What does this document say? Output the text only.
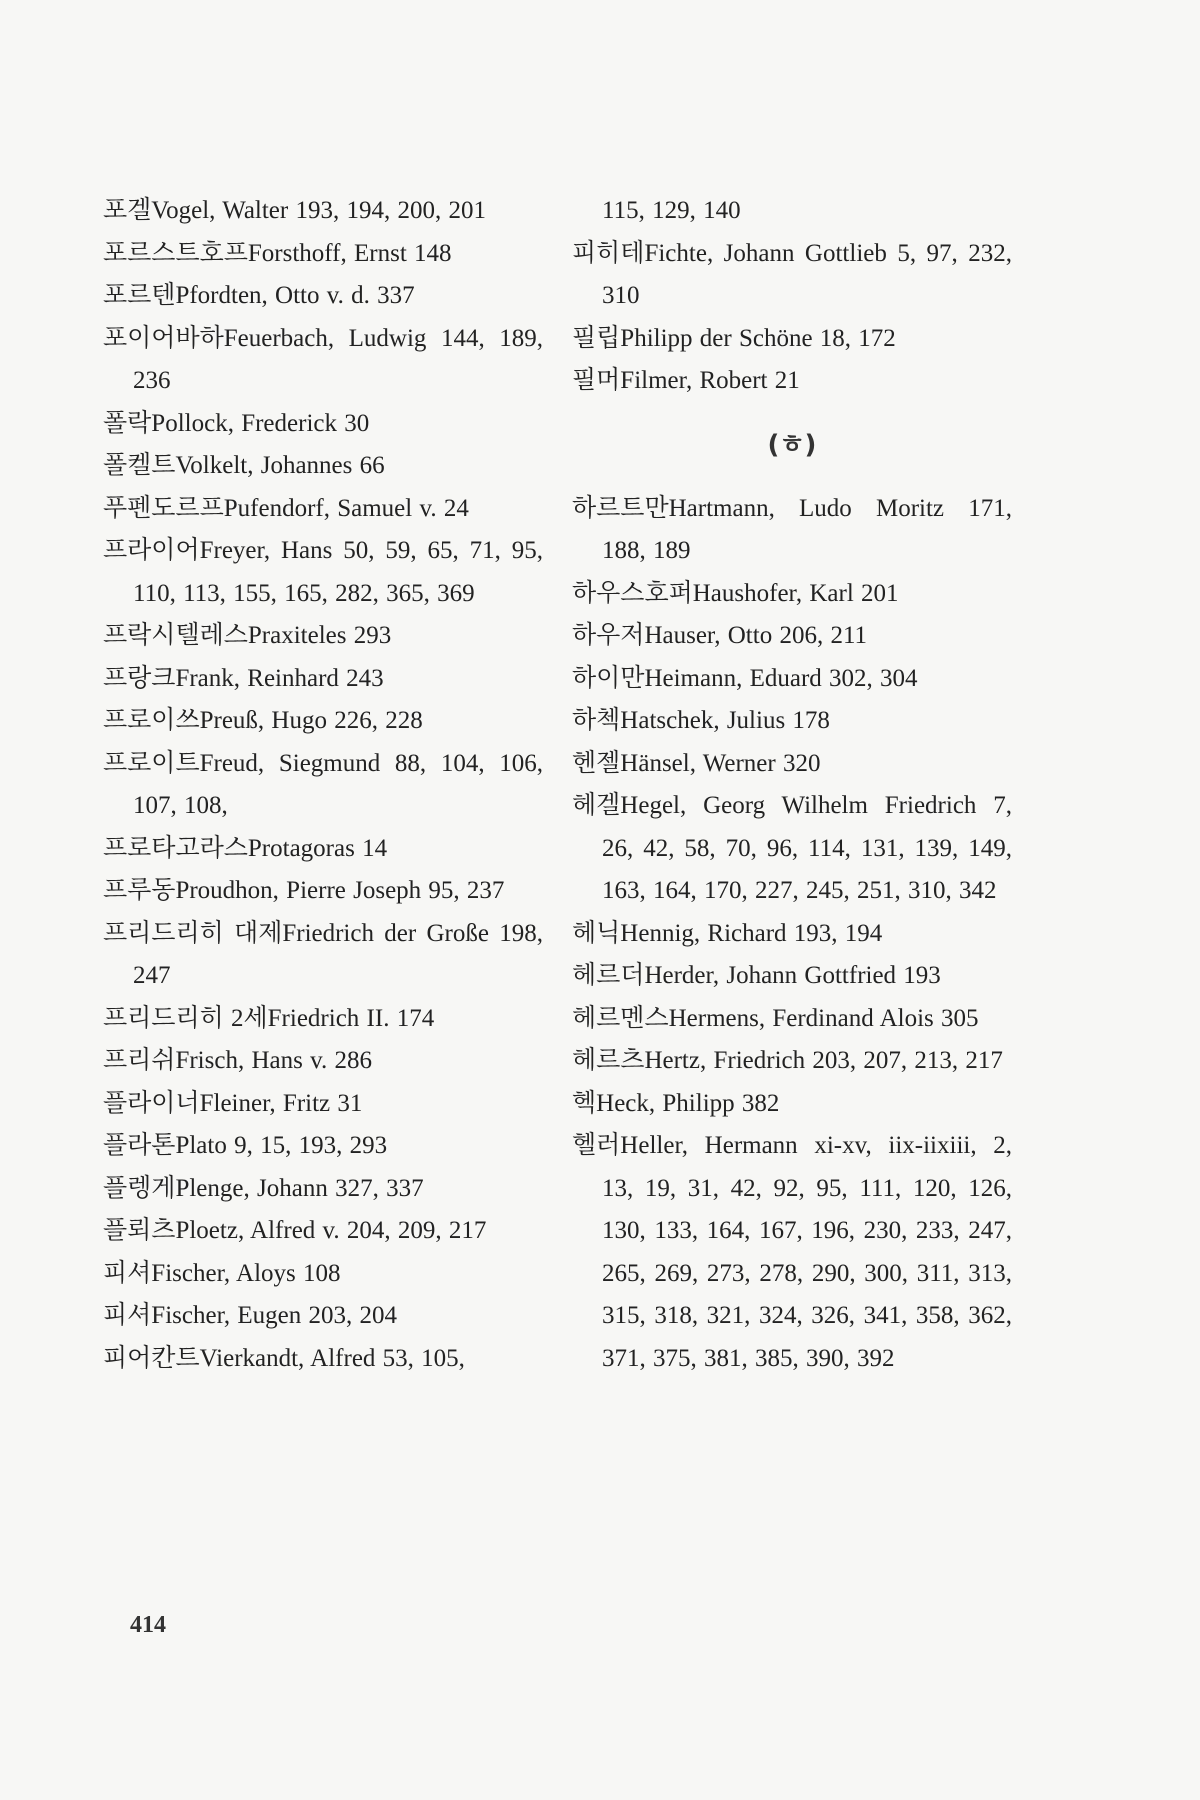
포겔Vogel, Walter 193, 194, 200, 201
포르스트호프Forsthoff, Ernst 148
포르텐Pfordten, Otto v. d. 337
포이어바하Feuerbach, Ludwig 144, 189, 236
폴락Pollock, Frederick 30
폴켈트Volkelt, Johannes 66
푸펜도르프Pufendorf, Samuel v. 24
프라이어Freyer, Hans 50, 59, 65, 71, 95, 110, 113, 155, 165, 282, 365, 369
프락시텔레스Praxiteles 293
프랑크Frank, Reinhard 243
프로이쓰Preuß, Hugo 226, 228
프로이트Freud, Siegmund 88, 104, 106, 107, 108,
프로타고라스Protagoras 14
프루동Proudhon, Pierre Joseph 95, 237
프리드리히 대제Friedrich der Große 198, 247
프리드리히 2세Friedrich II. 174
프리쉬Frisch, Hans v. 286
플라이너Fleiner, Fritz 31
플라톤Plato 9, 15, 193, 293
플렝게Plenge, Johann 327, 337
플뢰츠Ploetz, Alfred v. 204, 209, 217
피셔Fischer, Aloys 108
피셔Fischer, Eugen 203, 204
피어칸트Vierkandt, Alfred 53, 105,
115, 129, 140
피히테Fichte, Johann Gottlieb 5, 97, 232, 310
필립Philipp der Schöne 18, 172
필머Filmer, Robert 21
(ㅎ)
하르트만Hartmann, Ludo Moritz 171, 188, 189
하우스호퍼Haushofer, Karl 201
하우저Hauser, Otto 206, 211
하이만Heimann, Eduard 302, 304
하첵Hatschek, Julius 178
헨젤Hänsel, Werner 320
헤겔Hegel, Georg Wilhelm Friedrich 7, 26, 42, 58, 70, 96, 114, 131, 139, 149, 163, 164, 170, 227, 245, 251, 310, 342
헤닉Hennig, Richard 193, 194
헤르더Herder, Johann Gottfried 193
헤르멘스Hermens, Ferdinand Alois 305
헤르츠Hertz, Friedrich 203, 207, 213, 217
헥Heck, Philipp 382
헬러Heller, Hermann xi-xv, iix-iixiii, 2, 13, 19, 31, 42, 92, 95, 111, 120, 126, 130, 133, 164, 167, 196, 230, 233, 247, 265, 269, 273, 278, 290, 300, 311, 313, 315, 318, 321, 324, 326, 341, 358, 362, 371, 375, 381, 385, 390, 392
414
